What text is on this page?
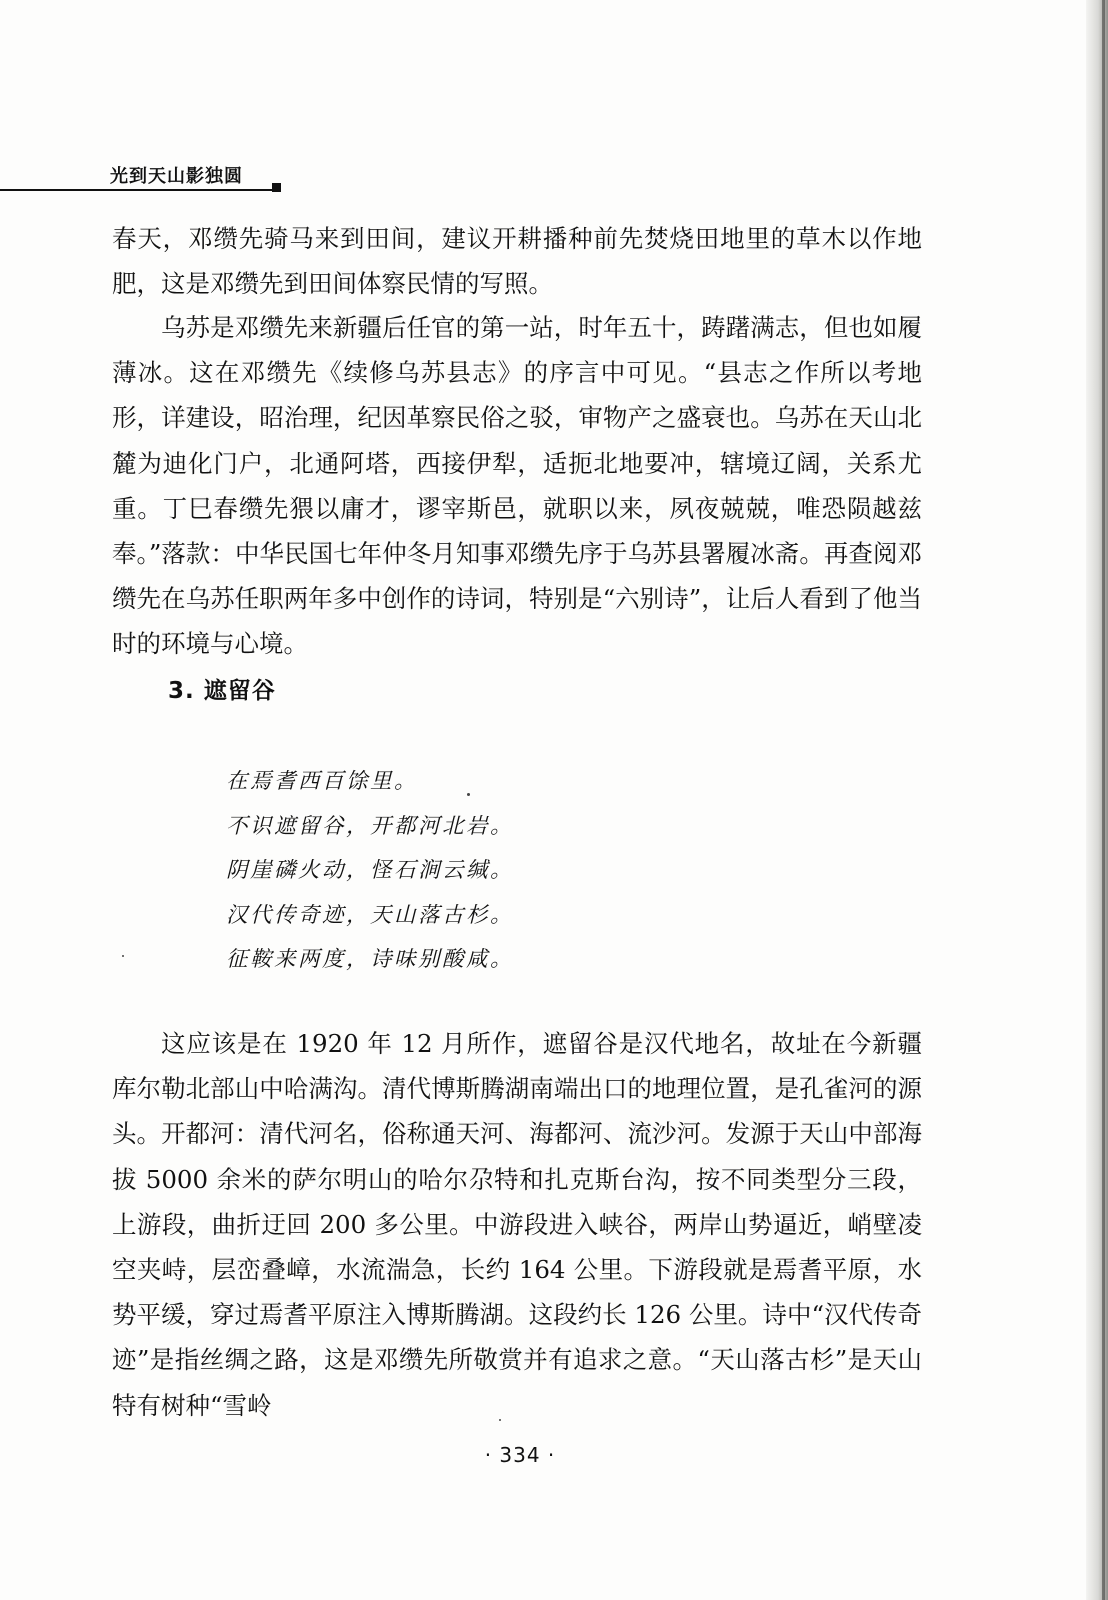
光到天山影独圆

春天，邓缵先骑马来到田间，建议开耕播种前先焚烧田地里的草木以作地肥，这是邓缵先到田间体察民情的写照。

乌苏是邓缵先来新疆后任官的第一站，时年五十，踌躇满志，但也如履薄冰。这在邓缵先《续修乌苏县志》的序言中可见。“县志之作所以考地形，详建设，昭治理，纪因革察民俗之驳，审物产之盛衰也。乌苏在天山北麓为迪化门户，北通阿塔，西接伊犁，适扼北地要冲，辖境辽阔，关系尤重。丁巳春缵先猥以庸才，谬宰斯邑，就职以来，夙夜兢兢，唯恐陨越兹奉。”落款：中华民国七年仲冬月知事邓缵先序于乌苏县署履冰斋。再查阅邓缵先在乌苏任职两年多中创作的诗词，特别是“六别诗”，让后人看到了他当时的环境与心境。

3. 遮留谷
在焉耆西百馀里。
不识遮留谷，开都河北岩。
阴崖磷火动，怪石涧云缄。
汉代传奇迹，天山落古杉。
征鞍来两度，诗味别酸咸。

这应该是在 1920 年 12 月所作，遮留谷是汉代地名，故址在今新疆库尔勒北部山中哈满沟。清代博斯腾湖南端出口的地理位置，是孔雀河的源头。开都河：清代河名，俗称通天河、海都河、流沙河。发源于天山中部海拔 5000 余米的萨尔明山的哈尔尕特和扎克斯台沟，按不同类型分三段，上游段，曲折迂回 200 多公里。中游段进入峡谷，两岸山势逼近，峭壁凌空夹峙，层峦叠嶂，水流湍急，长约 164 公里。下游段就是焉耆平原，水势平缓，穿过焉耆平原注入博斯腾湖。这段约长 126 公里。诗中“汉代传奇迹”是指丝绸之路，这是邓缵先所敬赏并有追求之意。“天山落古杉”是天山特有树种“雪岭

· 334 ·
